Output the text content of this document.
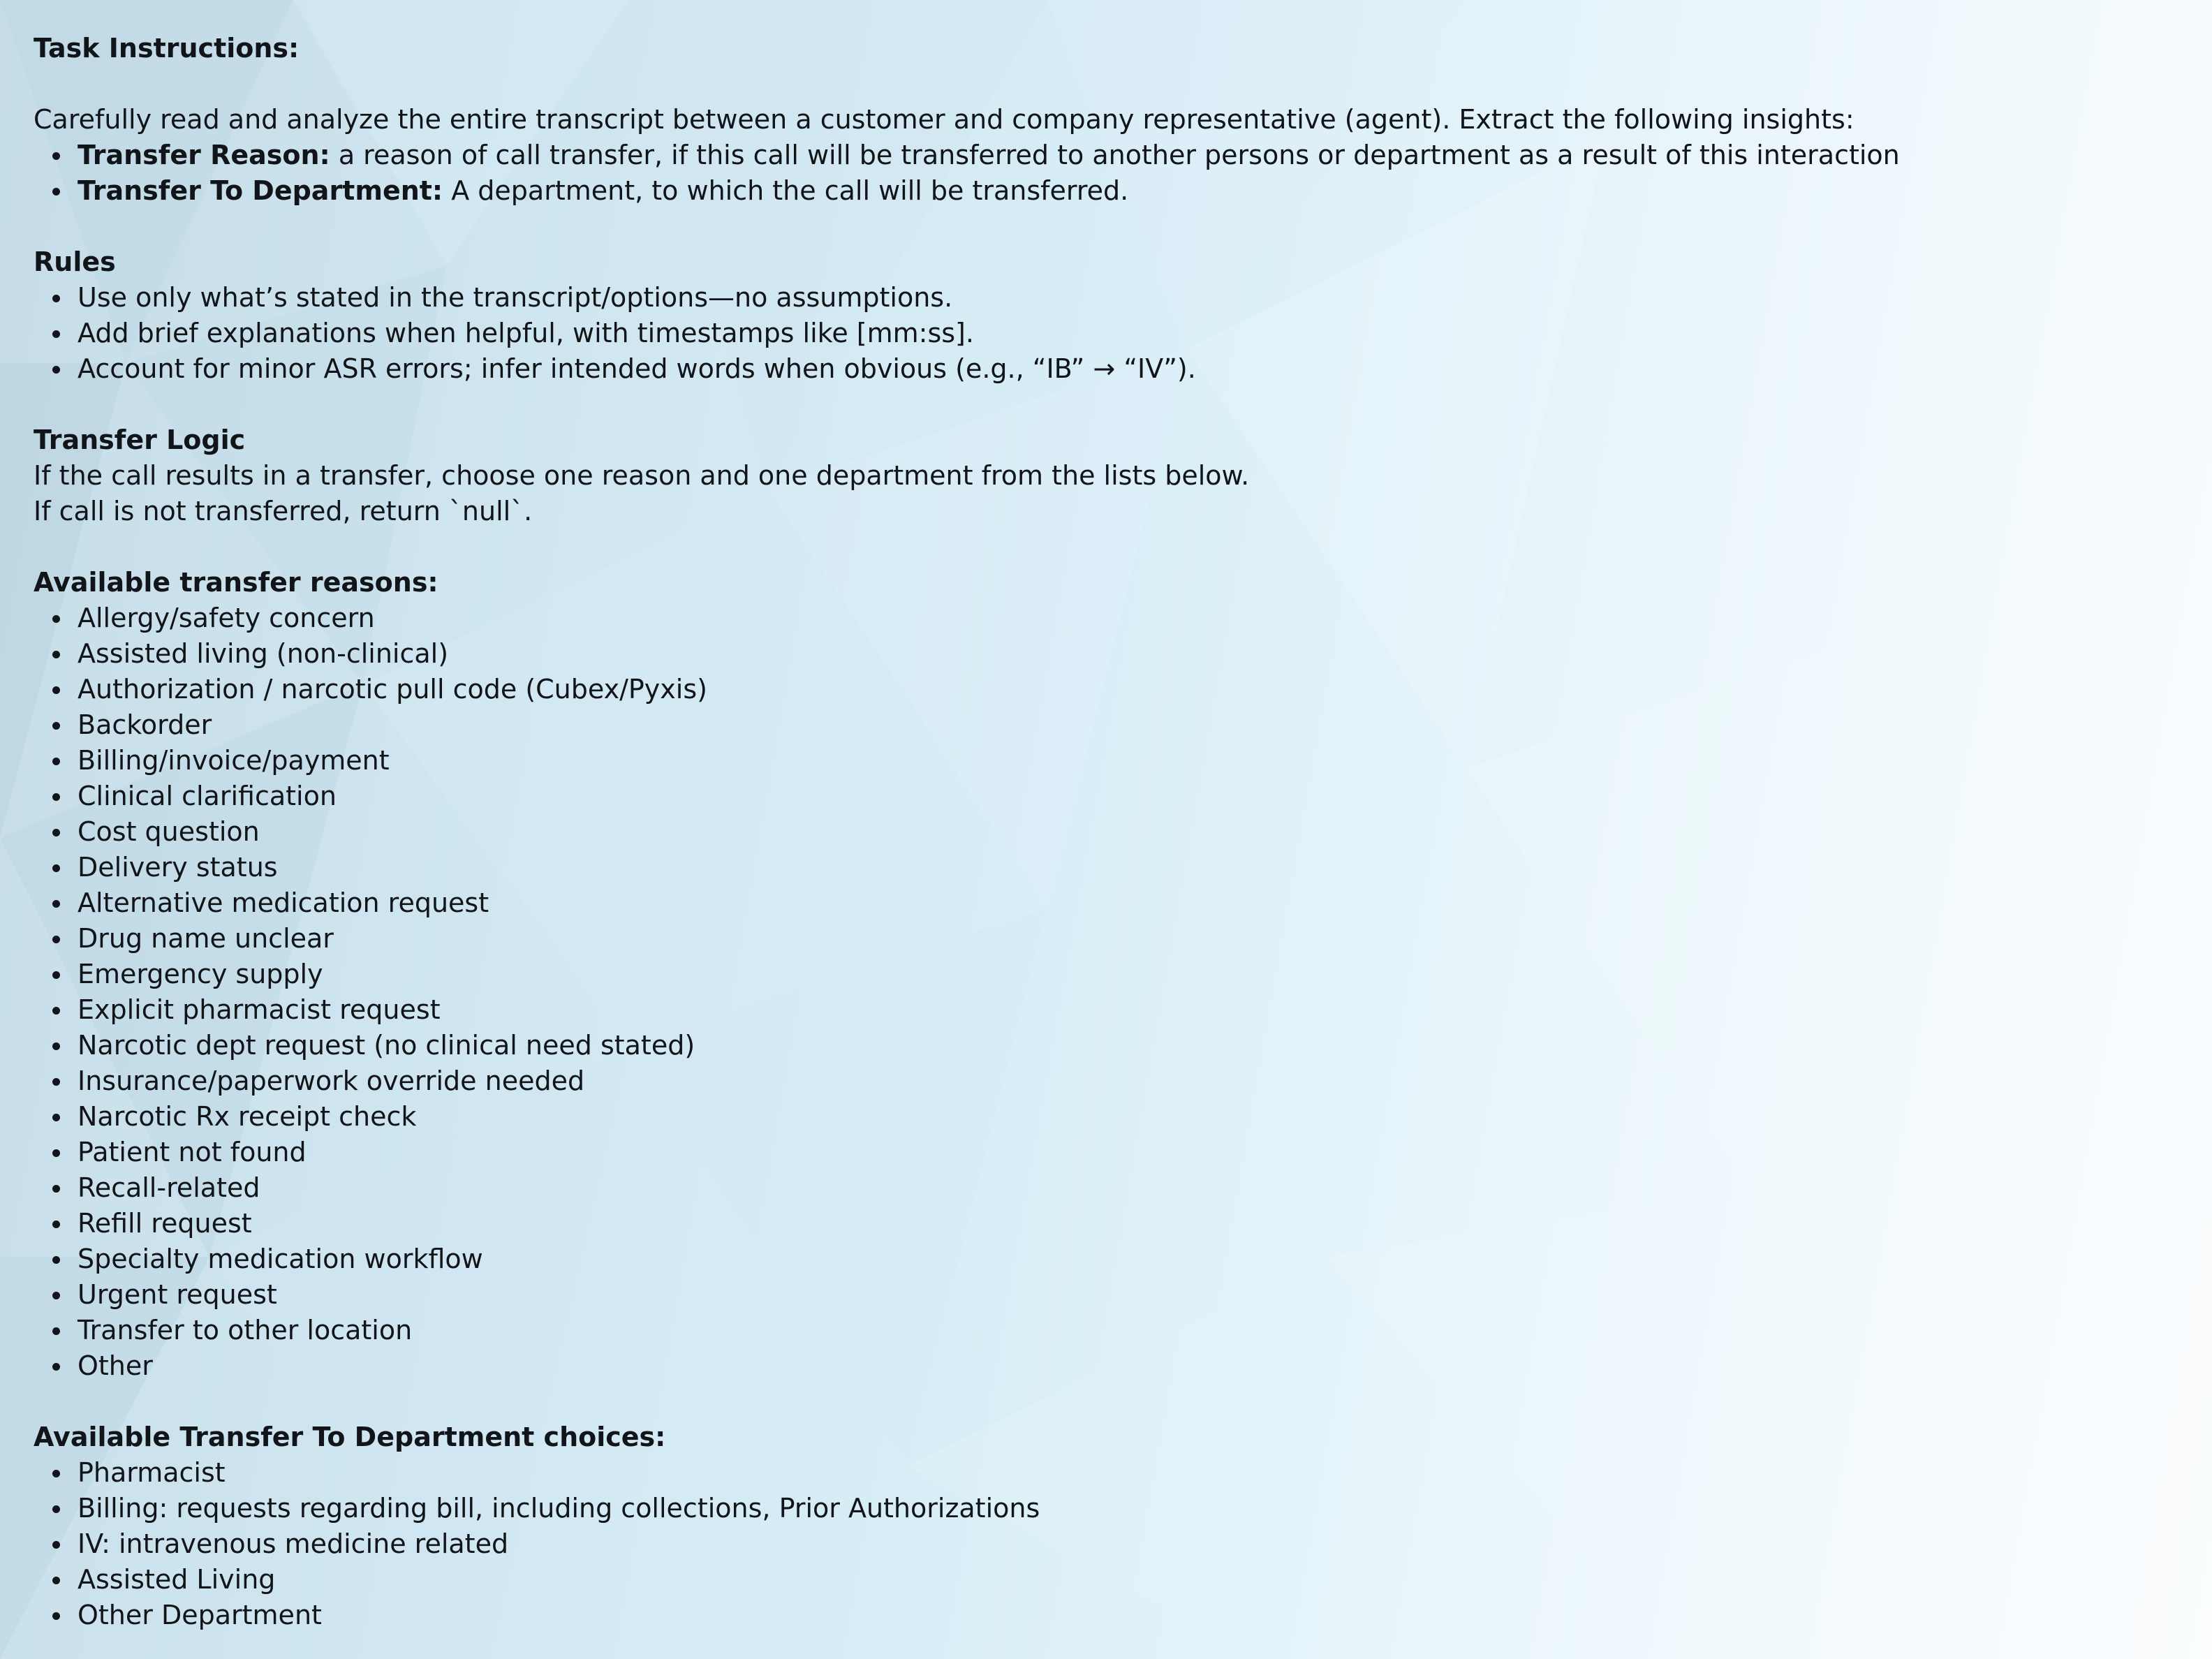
Task Instructions:

Carefully read and analyze the entire transcript between a customer and company representative (agent). Extract the following insights:

Transfer Reason: a reason of call transfer, if this call will be transferred to another persons or department as a result of this interaction
Transfer To Department: A department, to which the call will be transferred.

Rules

Use only what’s stated in the transcript/options—no assumptions.
Add brief explanations when helpful, with timestamps like [mm:ss].
Account for minor ASR errors; infer intended words when obvious (e.g., “IB” → “IV”).

Transfer Logic

If the call results in a transfer, choose one reason and one department from the lists below.

If call is not transferred, return `null`.

Available transfer reasons:

Allergy/safety concern
Assisted living (non-clinical)
Authorization / narcotic pull code (Cubex/Pyxis)
Backorder
Billing/invoice/payment
Clinical clarification
Cost question
Delivery status
Alternative medication request
Drug name unclear
Emergency supply
Explicit pharmacist request
Narcotic dept request (no clinical need stated)
Insurance/paperwork override needed
Narcotic Rx receipt check
Patient not found
Recall-related
Refill request
Specialty medication workflow
Urgent request
Transfer to other location
Other

Available Transfer To Department choices:

Pharmacist
Billing: requests regarding bill, including collections, Prior Authorizations
IV: intravenous medicine related
Assisted Living
Other Department
